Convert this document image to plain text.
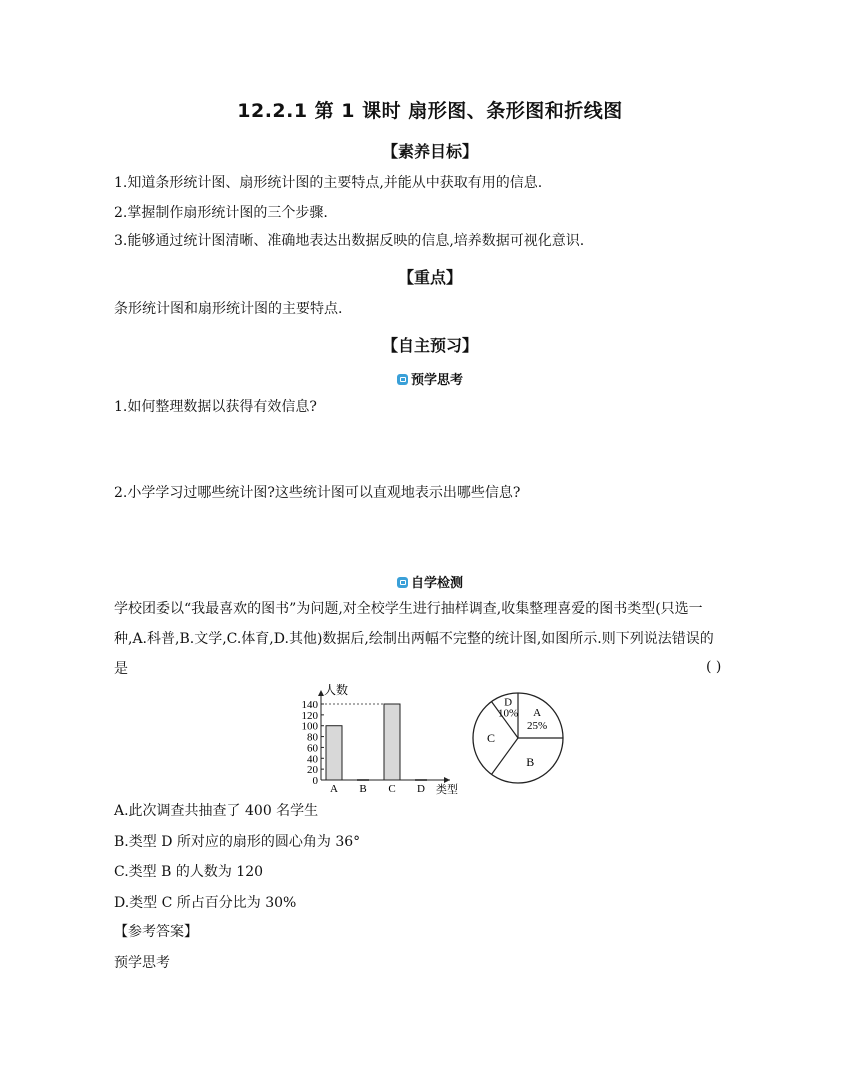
12.2.1 第 1 课时 扇形图、条形图和折线图
【素养目标】
1.知道条形统计图、扇形统计图的主要特点,并能从中获取有用的信息.
2.掌握制作扇形统计图的三个步骤.
3.能够通过统计图清晰、准确地表达出数据反映的信息,培养数据可视化意识.
【重点】
条形统计图和扇形统计图的主要特点.
【自主预习】
预学思考
1.如何整理数据以获得有效信息?
2.小学学习过哪些统计图?这些统计图可以直观地表示出哪些信息?
自学检测
学校团委以“我最喜欢的图书”为问题,对全校学生进行抽样调查,收集整理喜爱的图书类型(只选一
种,A.科普,B.文学,C.体育,D.其他)数据后,绘制出两幅不完整的统计图,如图所示.则下列说法错误的
是	( )
0
20
40
60
80
100
120
140
A B C D
人数
类型
A
25%
B
C
D
10%
A.此次调查共抽查了 400 名学生
B.类型 D 所对应的扇形的圆心角为 36°
C.类型 B 的人数为 120
D.类型 C 所占百分比为 30%
【参考答案】
预学思考
